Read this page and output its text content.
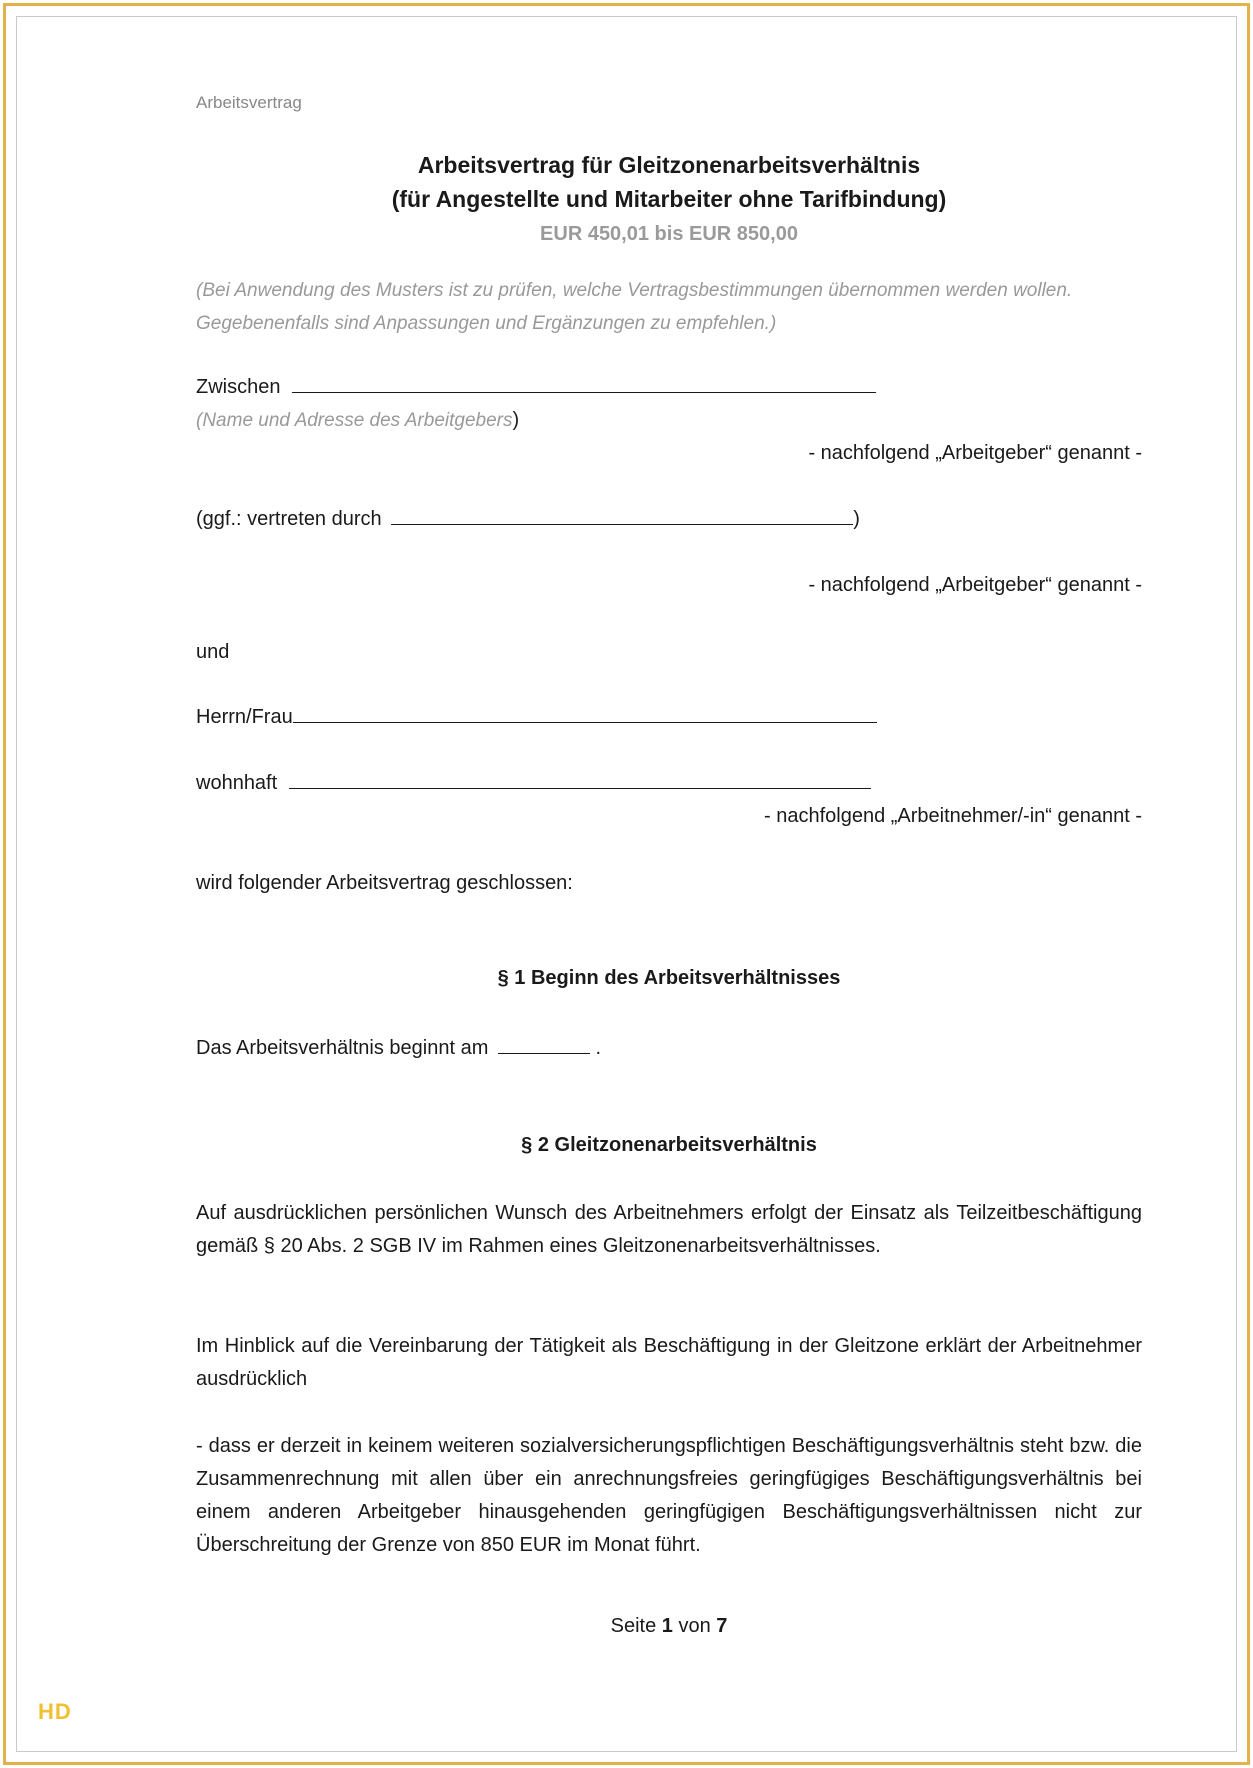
Arbeitsvertrag
Arbeitsvertrag für Gleitzonenarbeitsverhältnis
(für Angestellte und Mitarbeiter ohne Tarifbindung)
EUR 450,01 bis EUR 850,00
(Bei Anwendung des Musters ist zu prüfen, welche Vertragsbestimmungen übernommen werden wollen. Gegebenenfalls sind Anpassungen und Ergänzungen zu empfehlen.)
Zwischen
(Name und Adresse des Arbeitgebers)
- nachfolgend „Arbeitgeber“ genannt -
(ggf.: vertreten durch	)
- nachfolgend „Arbeitgeber“ genannt -
und
Herrn/Frau
wohnhaft
- nachfolgend „Arbeitnehmer/-in“ genannt -
wird folgender Arbeitsvertrag geschlossen:
§ 1 Beginn des Arbeitsverhältnisses
Das Arbeitsverhältnis beginnt am	.
§ 2 Gleitzonenarbeitsverhältnis
Auf ausdrücklichen persönlichen Wunsch des Arbeitnehmers erfolgt der Einsatz als Teilzeitbeschäftigung gemäß § 20 Abs. 2 SGB IV im Rahmen eines Gleitzonenarbeitsverhältnisses.
Im Hinblick auf die Vereinbarung der Tätigkeit als Beschäftigung in der Gleitzone erklärt der Arbeitnehmer ausdrücklich
- dass er derzeit in keinem weiteren sozialversicherungspflichtigen Beschäftigungsverhältnis steht bzw. die Zusammenrechnung mit allen über ein anrechnungsfreies geringfügiges Beschäftigungsverhältnis bei einem anderen Arbeitgeber hinausgehenden geringfügigen Beschäftigungsverhältnissen nicht zur Überschreitung der Grenze von 850 EUR im Monat führt.
Seite 1 von 7
HD
